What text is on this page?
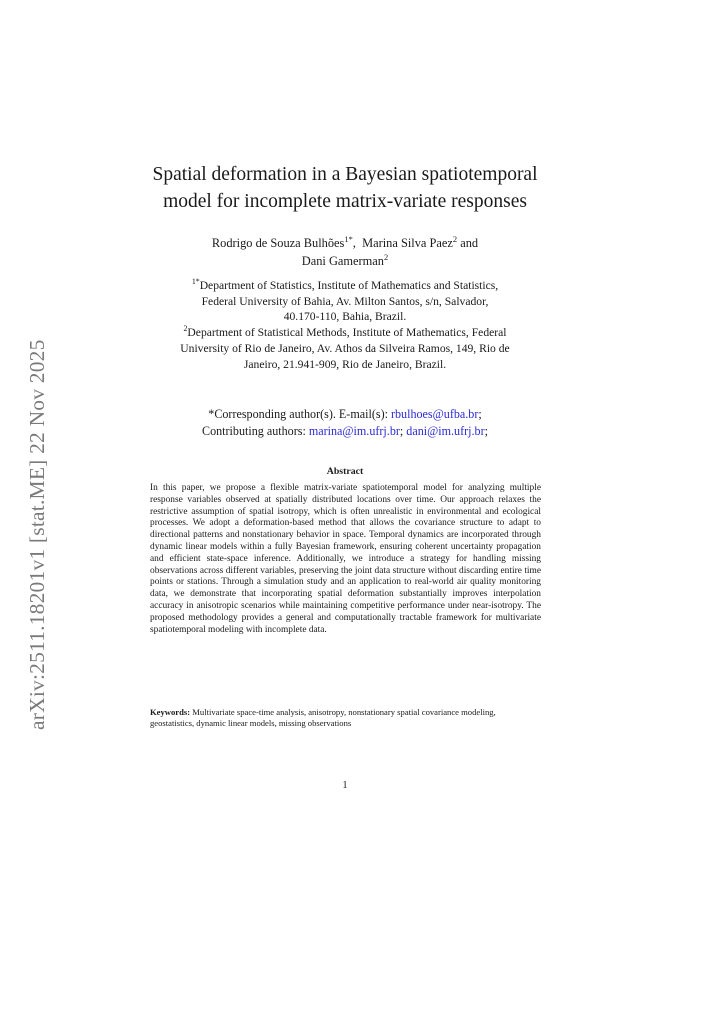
arXiv:2511.18201v1 [stat.ME] 22 Nov 2025
Spatial deformation in a Bayesian spatiotemporal
model for incomplete matrix-variate responses
Rodrigo de Souza Bulhões$^{1*}$,  Marina Silva Paez$^2$ and
Dani Gamerman$^2$
$^{1*}$Department of Statistics, Institute of Mathematics and Statistics,
Federal University of Bahia, Av. Milton Santos, s/n, Salvador,
40.170-110, Bahia, Brazil.
$^2$Department of Statistical Methods, Institute of Mathematics, Federal
University of Rio de Janeiro, Av. Athos da Silveira Ramos, 149, Rio de
Janeiro, 21.941-909, Rio de Janeiro, Brazil.
*Corresponding author(s). E-mail(s): rbulhoes@ufba.br;
Contributing authors: marina@im.ufrj.br; dani@im.ufrj.br;
Abstract
In this paper, we propose a flexible matrix-variate spatiotemporal model for analyzing multiple response variables observed at spatially distributed locations over time. Our approach relaxes the restrictive assumption of spatial isotropy, which is often unrealistic in environmental and ecological processes. We adopt a deformation-based method that allows the covariance structure to adapt to directional patterns and nonstationary behavior in space. Temporal dynamics are incorporated through dynamic linear models within a fully Bayesian framework, ensuring coherent uncertainty propagation and efficient state-space inference. Additionally, we introduce a strategy for handling missing observations across different variables, preserving the joint data structure without discarding entire time points or stations. Through a simulation study and an application to real-world air quality monitoring data, we demonstrate that incorporating spatial deformation substantially improves interpolation accuracy in anisotropic scenarios while maintaining competitive performance under near-isotropy. The proposed methodology provides a general and computationally tractable framework for multivariate spatiotemporal modeling with incomplete data.
Keywords: Multivariate space-time analysis, anisotropy, nonstationary spatial covariance modeling, geostatistics, dynamic linear models, missing observations
1
